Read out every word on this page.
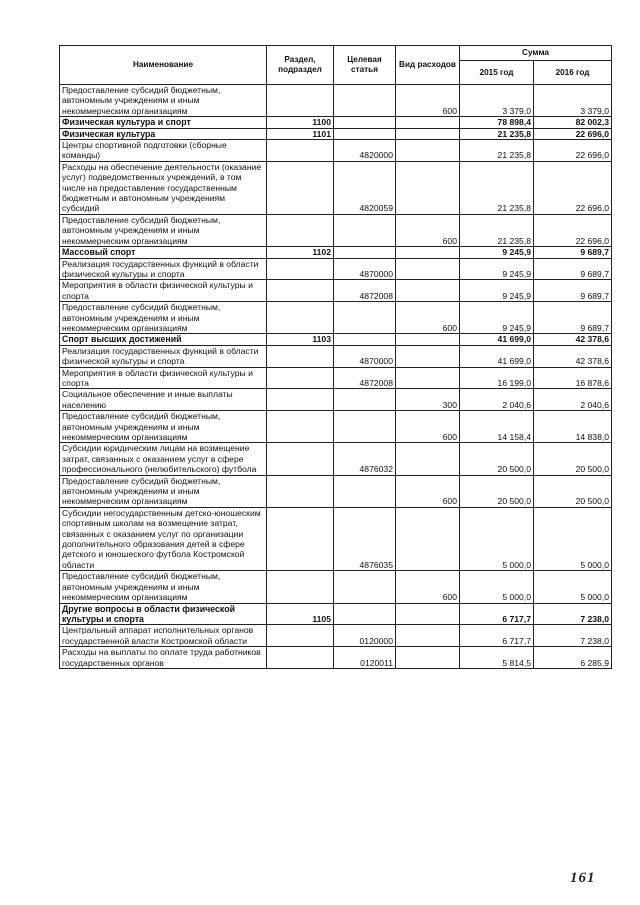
Наименование	Раздел, подраздел	Целевая статья	Вид расходов	Сумма	
				2015 год	2016 год
Предоставление субсидий бюджетным, автономным учреждениям и иным некоммерческим организациям			600	3 379,0	3 379,0
Физическая культура и спорт	1100			78 898,4	82 002,3
Физическая культура	1101			21 235,8	22 696,0
Центры спортивной подготовки (сборные команды)		4820000		21 235,8	22 696,0
Расходы на обеспечение деятельности (оказание услуг) подведомственных учреждений, в том числе на предоставление государственным бюджетным и автономным учреждениям субсидий		4820059		21 235,8	22 696,0
Предоставление субсидий бюджетным, автономным учреждениям и иным некоммерческим организациям			600	21 235,8	22 696,0
Массовый спорт	1102			9 245,9	9 689,7
Реализация государственных функций в области физической культуры и спорта		4870000		9 245,9	9 689,7
Мероприятия в области физической культуры и спорта		4872008		9 245,9	9 689,7
Предоставление субсидий бюджетным, автономным учреждениям и иным некоммерческим организациям			600	9 245,9	9 689,7
Спорт высших достижений	1103			41 699,0	42 378,6
Реализация государственных функций в области физической культуры и спорта		4870000		41 699,0	42 378,6
Мероприятия в области физической культуры и спорта		4872008		16 199,0	16 878,6
Социальное обеспечение и иные выплаты населению			300	2 040,6	2 040,6
Предоставление субсидий бюджетным, автономным учреждениям и иным некоммерческим организациям			600	14 158,4	14 838,0
Субсидии юридическим лицам на возмещение затрат, связанных с оказанием услуг в сфере профессионального (нелюбительского) футбола		4876032		20 500,0	20 500,0
Предоставление субсидий бюджетным, автономным учреждениям и иным некоммерческим организациям			600	20 500,0	20 500,0
Субсидии негосударственным детско-юношеским спортивным школам на возмещение затрат, связанных с оказанием услуг по организации дополнительного образования детей в сфере детского и юношеского футбола Костромской области		4876035		5 000,0	5 000,0
Предоставление субсидий бюджетным, автономным учреждениям и иным некоммерческим организациям			600	5 000,0	5 000,0
Другие вопросы в области физической культуры и спорта	1105			6 717,7	7 238,0
Центральный аппарат исполнительных органов государственной власти Костромской области		0120000		6 717,7	7 238,0
Расходы на выплаты по оплате труда работников государственных органов		0120011		5 814,5	6 285,9
161
